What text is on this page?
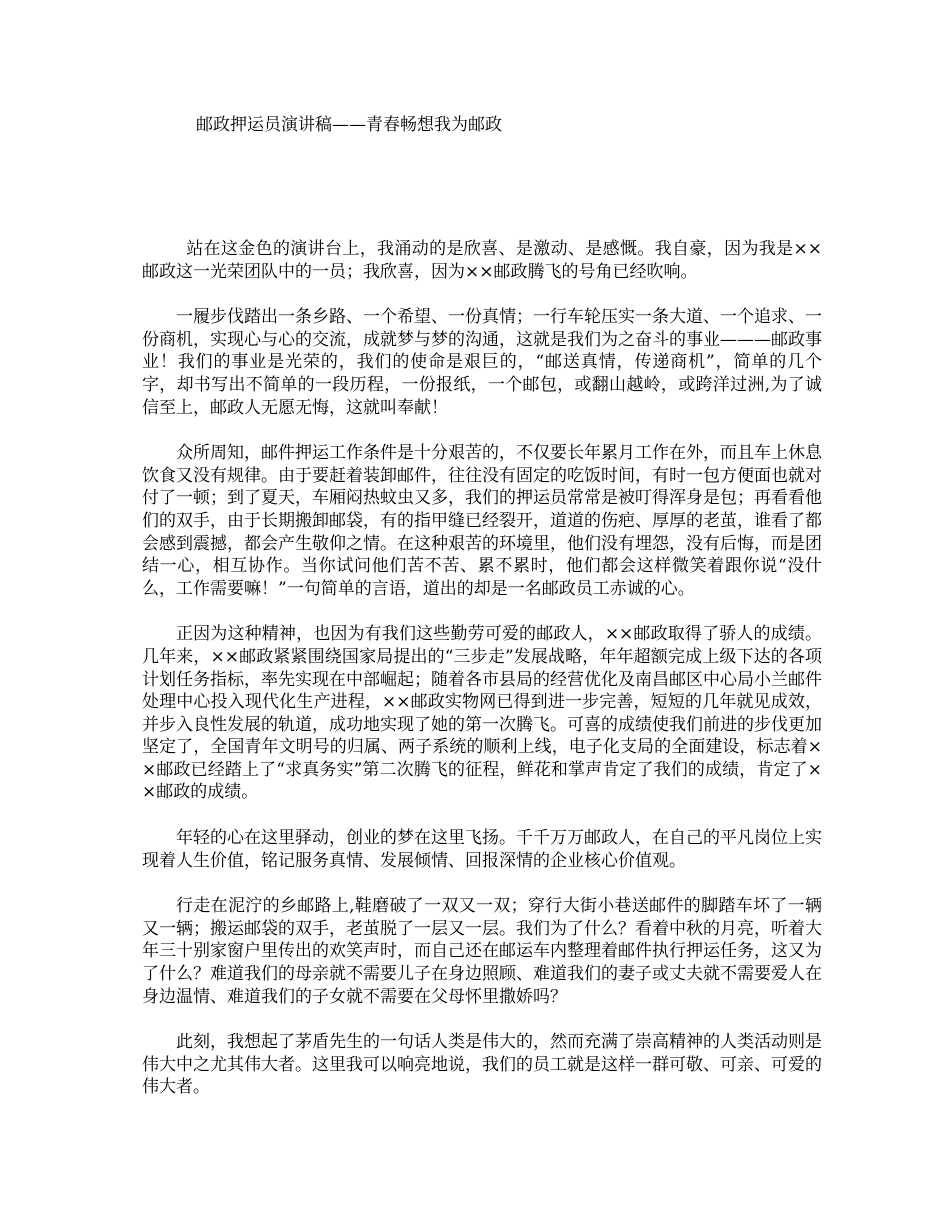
邮政押运员演讲稿——青春畅想我为邮政

站在这金色的演讲台上，我涌动的是欣喜、是激动、是感慨。我自豪，因为我是××邮政这一光荣团队中的一员；我欣喜，因为××邮政腾飞的号角已经吹响。

一履步伐踏出一条乡路、一个希望、一份真情；一行车轮压实一条大道、一个追求、一份商机，实现心与心的交流，成就梦与梦的沟通，这就是我们为之奋斗的事业———邮政事业！我们的事业是光荣的，我们的使命是艰巨的，“邮送真情，传递商机”，简单的几个字，却书写出不简单的一段历程，一份报纸，一个邮包，或翻山越岭，或跨洋过洲,为了诚信至上，邮政人无愿无悔，这就叫奉献！

众所周知，邮件押运工作条件是十分艰苦的，不仅要长年累月工作在外，而且车上休息饮食又没有规律。由于要赶着装卸邮件，往往没有固定的吃饭时间，有时一包方便面也就对付了一顿；到了夏天，车厢闷热蚊虫又多，我们的押运员常常是被叮得浑身是包；再看看他们的双手，由于长期搬卸邮袋，有的指甲缝已经裂开，道道的伤疤、厚厚的老茧，谁看了都会感到震撼，都会产生敬仰之情。在这种艰苦的环境里，他们没有埋怨，没有后悔，而是团结一心，相互协作。当你试问他们苦不苦、累不累时，他们都会这样微笑着跟你说“没什么，工作需要嘛！”一句简单的言语，道出的却是一名邮政员工赤诚的心。

正因为这种精神，也因为有我们这些勤劳可爱的邮政人，××邮政取得了骄人的成绩。几年来，××邮政紧紧围绕国家局提出的“三步走”发展战略，年年超额完成上级下达的各项计划任务指标，率先实现在中部崛起；随着各市县局的经营优化及南昌邮区中心局小兰邮件处理中心投入现代化生产进程，××邮政实物网已得到进一步完善，短短的几年就见成效，并步入良性发展的轨道，成功地实现了她的第一次腾飞。可喜的成绩使我们前进的步伐更加坚定了，全国青年文明号的归属、两子系统的顺利上线，电子化支局的全面建设，标志着××邮政已经踏上了“求真务实”第二次腾飞的征程，鲜花和掌声肯定了我们的成绩，肯定了××邮政的成绩。

年轻的心在这里驿动，创业的梦在这里飞扬。千千万万邮政人，在自己的平凡岗位上实现着人生价值，铭记服务真情、发展倾情、回报深情的企业核心价值观。

行走在泥泞的乡邮路上,鞋磨破了一双又一双；穿行大街小巷送邮件的脚踏车坏了一辆又一辆；搬运邮袋的双手，老茧脱了一层又一层。我们为了什么？看着中秋的月亮，听着大年三十别家窗户里传出的欢笑声时，而自己还在邮运车内整理着邮件执行押运任务，这又为了什么？难道我们的母亲就不需要儿子在身边照顾、难道我们的妻子或丈夫就不需要爱人在身边温情、难道我们的子女就不需要在父母怀里撒娇吗？

此刻，我想起了茅盾先生的一句话人类是伟大的，然而充满了崇高精神的人类活动则是伟大中之尤其伟大者。这里我可以响亮地说，我们的员工就是这样一群可敬、可亲、可爱的伟大者。
